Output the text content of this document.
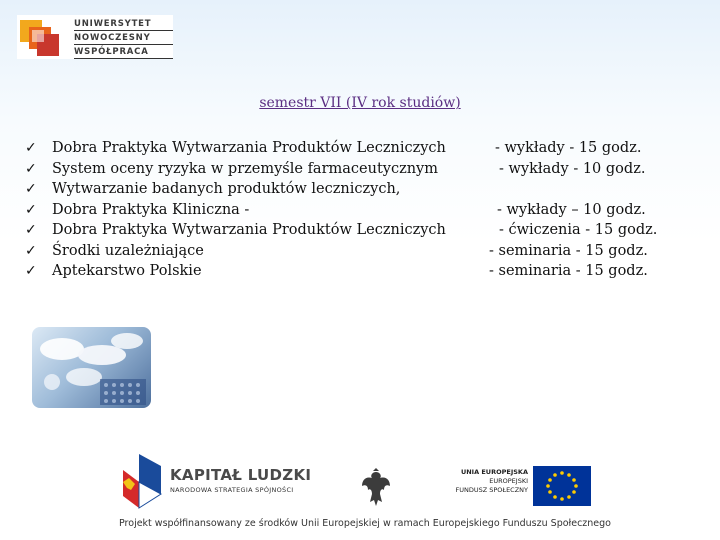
UNIWERSYTET
NOWOCZESNY
WSPÓŁPRACA
semestr VII (IV rok studiów)
✓ Dobra Praktyka Wytwarzania Produktów Leczniczych	- wykłady - 15 godz.
✓ System oceny ryzyka w przemyśle farmaceutycznym	- wykłady - 10 godz.
✓ Wytwarzanie badanych produktów leczniczych,
✓ Dobra Praktyka Kliniczna -	- wykłady – 10 godz.
✓ Dobra Praktyka Wytwarzania Produktów Leczniczych	- ćwiczenia - 15 godz.
✓ Środki uzależniające	- seminaria - 15 godz.
✓ Aptekarstwo Polskie	- seminaria - 15 godz.
KAPITAŁ LUDZKI
NARODOWA STRATEGIA SPÓJNOŚCI
UNIA EUROPEJSKA
EUROPEJSKI
FUNDUSZ SPOŁECZNY
Projekt współfinansowany ze środków Unii Europejskiej w ramach Europejskiego Funduszu Społecznego
